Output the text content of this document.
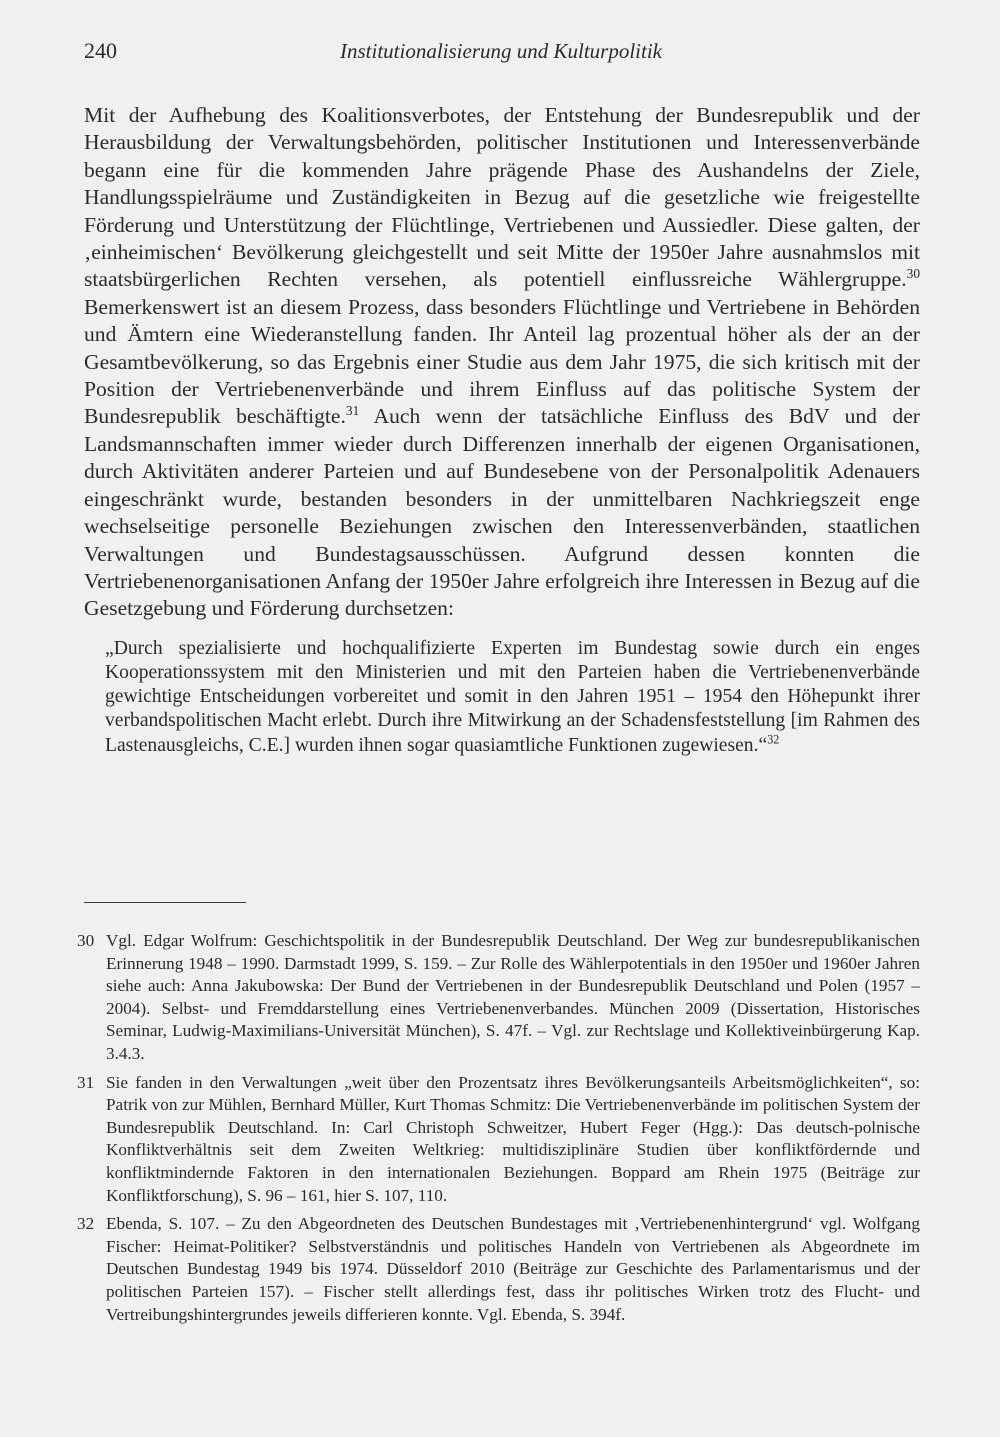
240	Institutionalisierung und Kulturpolitik

Mit der Aufhebung des Koalitionsverbotes, der Entstehung der Bundesrepublik und der Herausbildung der Verwaltungsbehörden, politischer Institutionen und Interessenverbände begann eine für die kommenden Jahre prägende Phase des Aushandelns der Ziele, Handlungsspielräume und Zuständigkeiten in Bezug auf die gesetzliche wie freigestellte Förderung und Unterstützung der Flüchtlinge, Vertriebenen und Aussiedler. Diese galten, der ‚einheimischen‘ Bevölkerung gleichgestellt und seit Mitte der 1950er Jahre ausnahmslos mit staatsbürgerlichen Rechten versehen, als potentiell einflussreiche Wählergruppe.$^{30}$ Bemerkenswert ist an diesem Prozess, dass besonders Flüchtlinge und Vertriebene in Behörden und Ämtern eine Wiederanstellung fanden. Ihr Anteil lag prozentual höher als der an der Gesamtbevölkerung, so das Ergebnis einer Studie aus dem Jahr 1975, die sich kritisch mit der Position der Vertriebenenverbände und ihrem Einfluss auf das politische System der Bundesrepublik beschäftigte.$^{31}$ Auch wenn der tatsächliche Einfluss des BdV und der Landsmannschaften immer wieder durch Differenzen innerhalb der eigenen Organisationen, durch Aktivitäten anderer Parteien und auf Bundesebene von der Personalpolitik Adenauers eingeschränkt wurde, bestanden besonders in der unmittelbaren Nachkriegszeit enge wechselseitige personelle Beziehungen zwischen den Interessenverbänden, staatlichen Verwaltungen und Bundestagsausschüssen. Aufgrund dessen konnten die Vertriebenenorganisationen Anfang der 1950er Jahre erfolgreich ihre Interessen in Bezug auf die Gesetzgebung und Förderung durchsetzen:

„Durch spezialisierte und hochqualifizierte Experten im Bundestag sowie durch ein enges Kooperationssystem mit den Ministerien und mit den Parteien haben die Vertriebenenverbände gewichtige Entscheidungen vorbereitet und somit in den Jahren 1951 – 1954 den Höhepunkt ihrer verbandspolitischen Macht erlebt. Durch ihre Mitwirkung an der Schadensfeststellung [im Rahmen des Lastenausgleichs, C.E.] wurden ihnen sogar quasiamtliche Funktionen zugewiesen.“$^{32}$
30 Vgl. Edgar Wolfrum: Geschichtspolitik in der Bundesrepublik Deutschland. Der Weg zur bundesrepublikanischen Erinnerung 1948 – 1990. Darmstadt 1999, S. 159. – Zur Rolle des Wählerpotentials in den 1950er und 1960er Jahren siehe auch: Anna Jakubowska: Der Bund der Vertriebenen in der Bundesrepublik Deutschland und Polen (1957 – 2004). Selbst- und Fremddarstellung eines Vertriebenenverbandes. München 2009 (Dissertation, Historisches Seminar, Ludwig-Maximilians-Universität München), S. 47f. – Vgl. zur Rechtslage und Kollektiveinbürgerung Kap. 3.4.3.
31 Sie fanden in den Verwaltungen „weit über den Prozentsatz ihres Bevölkerungsanteils Arbeitsmöglichkeiten“, so: Patrik von zur Mühlen, Bernhard Müller, Kurt Thomas Schmitz: Die Vertriebenenverbände im politischen System der Bundesrepublik Deutschland. In: Carl Christoph Schweitzer, Hubert Feger (Hgg.): Das deutsch-polnische Konfliktverhältnis seit dem Zweiten Weltkrieg: multidisziplinäre Studien über konfliktfördernde und konfliktmindernde Faktoren in den internationalen Beziehungen. Boppard am Rhein 1975 (Beiträge zur Konfliktforschung), S. 96 – 161, hier S. 107, 110.
32 Ebenda, S. 107. – Zu den Abgeordneten des Deutschen Bundestages mit ‚Vertriebenenhintergrund‘ vgl. Wolfgang Fischer: Heimat-Politiker? Selbstverständnis und politisches Handeln von Vertriebenen als Abgeordnete im Deutschen Bundestag 1949 bis 1974. Düsseldorf 2010 (Beiträge zur Geschichte des Parlamentarismus und der politischen Parteien 157). – Fischer stellt allerdings fest, dass ihr politisches Wirken trotz des Flucht- und Vertreibungshintergrundes jeweils differieren konnte. Vgl. Ebenda, S. 394f.
